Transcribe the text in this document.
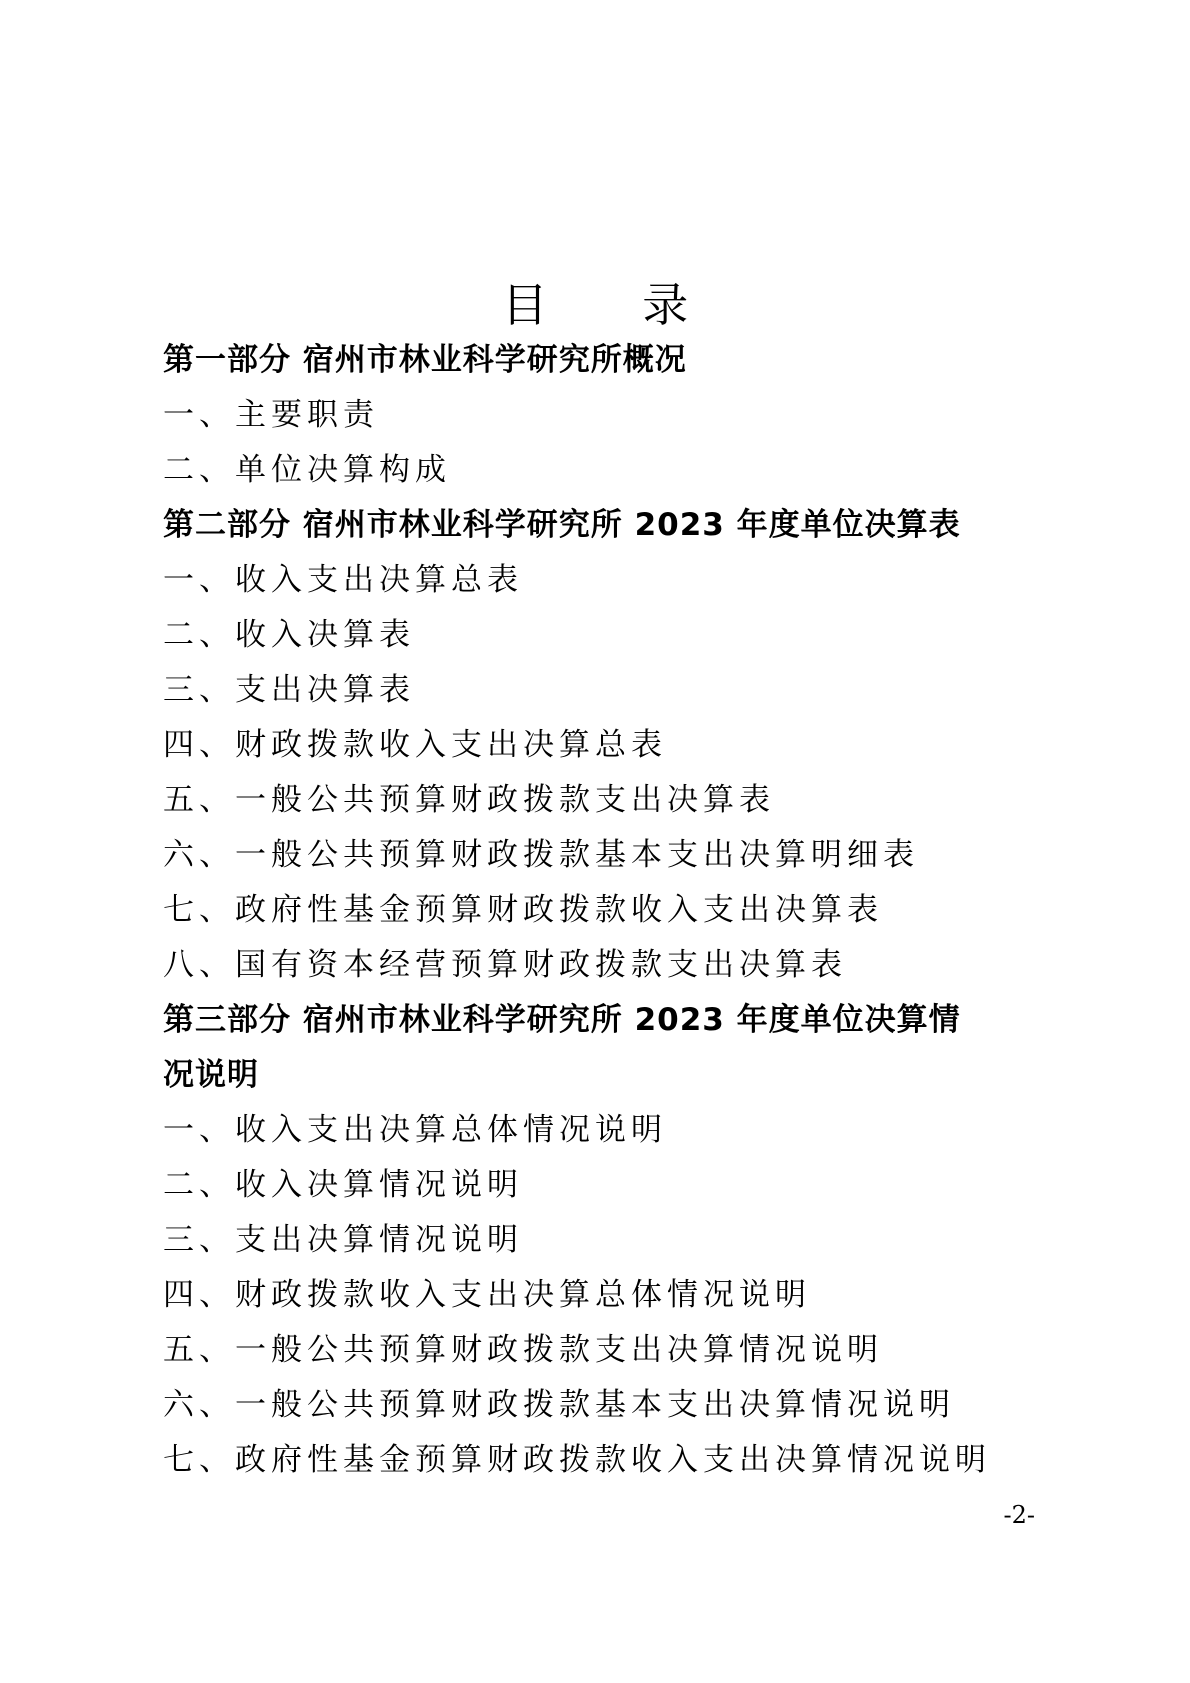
目 录
第一部分 宿州市林业科学研究所概况
一、主要职责
二、单位决算构成
第二部分 宿州市林业科学研究所 2023 年度单位决算表
一、收入支出决算总表
二、收入决算表
三、支出决算表
四、财政拨款收入支出决算总表
五、一般公共预算财政拨款支出决算表
六、一般公共预算财政拨款基本支出决算明细表
七、政府性基金预算财政拨款收入支出决算表
八、国有资本经营预算财政拨款支出决算表
第三部分 宿州市林业科学研究所 2023 年度单位决算情
况说明
一、收入支出决算总体情况说明
二、收入决算情况说明
三、支出决算情况说明
四、财政拨款收入支出决算总体情况说明
五、一般公共预算财政拨款支出决算情况说明
六、一般公共预算财政拨款基本支出决算情况说明
七、政府性基金预算财政拨款收入支出决算情况说明
-2-
